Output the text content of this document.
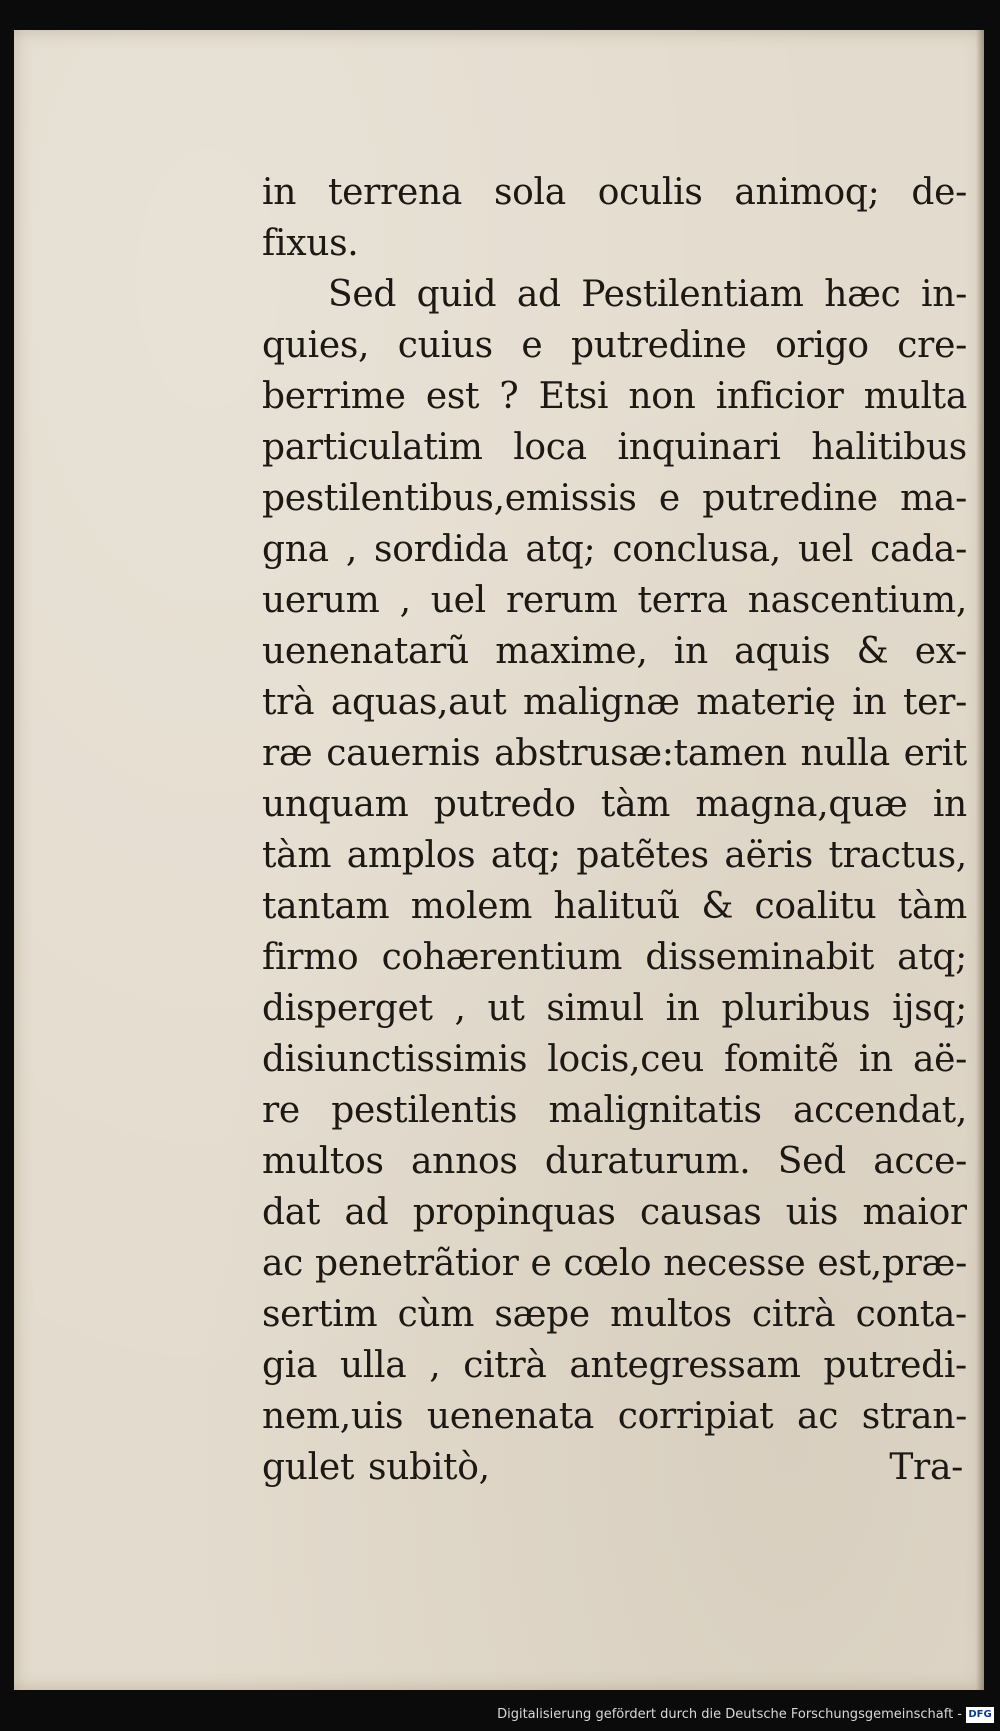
in terrena sola oculis animoq; de-
fixus.
Sed quid ad Pestilentiam hæc in-
quies, cuius e putredine origo cre-
berrime est ? Etsi non inficior multa
particulatim loca inquinari halitibus
pestilentibus,emissis e putredine ma-
gna , sordida atq; conclusa, uel cada-
uerum , uel rerum terra nascentium,
uenenatarũ maxime, in aquis & ex-
trà aquas,aut malignæ materię in ter-
ræ cauernis abstrusæ:tamen nulla erit
unquam putredo tàm magna,quæ in
tàm amplos atq; patẽtes aëris tractus,
tantam molem halituũ & coalitu tàm
firmo cohærentium disseminabit atq;
disperget , ut simul in pluribus ijsq;
disiunctissimis locis,ceu fomitẽ in aë-
re pestilentis malignitatis accendat,
multos annos duraturum. Sed acce-
dat ad propinquas causas uis maior
ac penetrãtior e cœlo necesse est,præ-
sertim cùm sæpe multos citrà conta-
gia ulla , citrà antegressam putredi-
nem,uis uenenata corripiat ac stran-
gulet subitò,	Tra-
Digitalisierung gefördert durch die Deutsche Forschungsgemeinschaft - DFG
